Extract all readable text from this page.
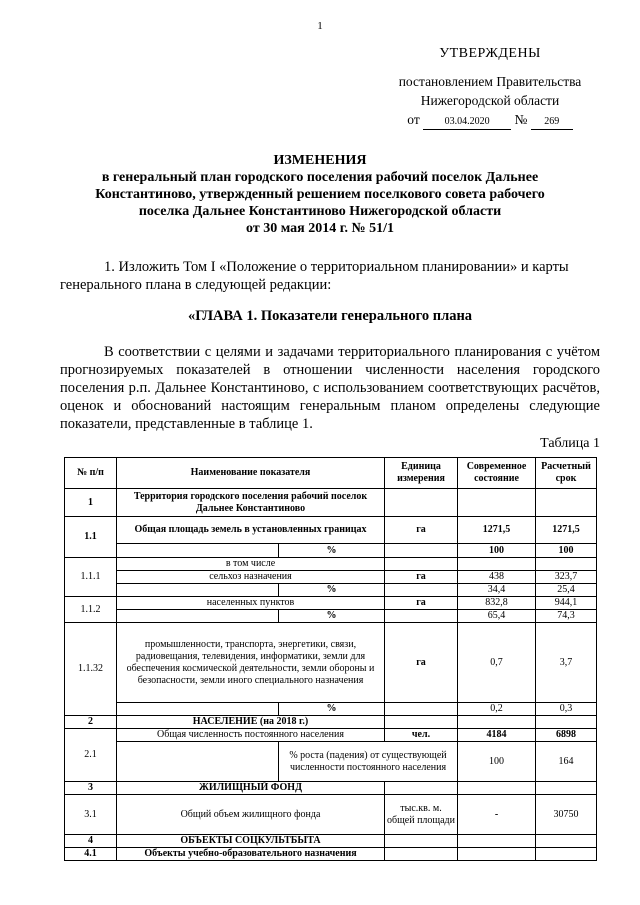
1
УТВЕРЖДЕНЫ
постановлением Правительства
Нижегородской области
от 03.04.2020 № 269
ИЗМЕНЕНИЯ
в генеральный план городского поселения рабочий поселок Дальнее
Константиново, утвержденный решением поселкового совета рабочего
поселка Дальнее Константиново Нижегородской области
от 30 мая 2014 г. № 51/1
1. Изложить Том I «Положение о территориальном планировании» и карты
генерального плана в следующей редакции:
«ГЛАВА 1. Показатели генерального плана
В соответствии с целями и задачами территориального планирования с учётом прогнозируемых показателей в отношении численности населения городского поселения р.п. Дальнее Константиново, с использованием соответствующих расчётов, оценок и обоснований настоящим генеральным планом определены следующие показатели, представленные в таблице 1.
Таблица 1
№ п/п	Наименование показателя		Единица измерения	Современное состояние	Расчетный срок
1	Территория городского поселения рабочий поселок Дальнее Константиново				
1.1	Общая площадь земель в установленных границах		га	1271,5	1271,5
		%		100	100
1.1.1	в том числе				
	сельхоз назначения		га	438	323,7
		%		34,4	25,4
1.1.2	населенных пунктов		га	832,8	944,1
		%		65,4	74,3
1.1.32	промышленности, транспорта, энергетики, связи, радиовещания, телевидения, информатики, земли для обеспечения космической деятельности, земли обороны и безопасности, земли иного специального назначения		га	0,7	3,7
		%		0,2	0,3
2	НАСЕЛЕНИЕ (на 2018 г.)				
2.1	Общая численность постоянного населения		чел.	4184	6898
		% роста (падения) от существующей численности постоянного населения		100	164
3	ЖИЛИЩНЫЙ ФОНД				
3.1	Общий объем жилищного фонда		тыс.кв. м. общей площади	-	30750
4	ОБЪЕКТЫ СОЦКУЛЬТБЫТА				
4.1	Объекты учебно-образовательного назначения				
